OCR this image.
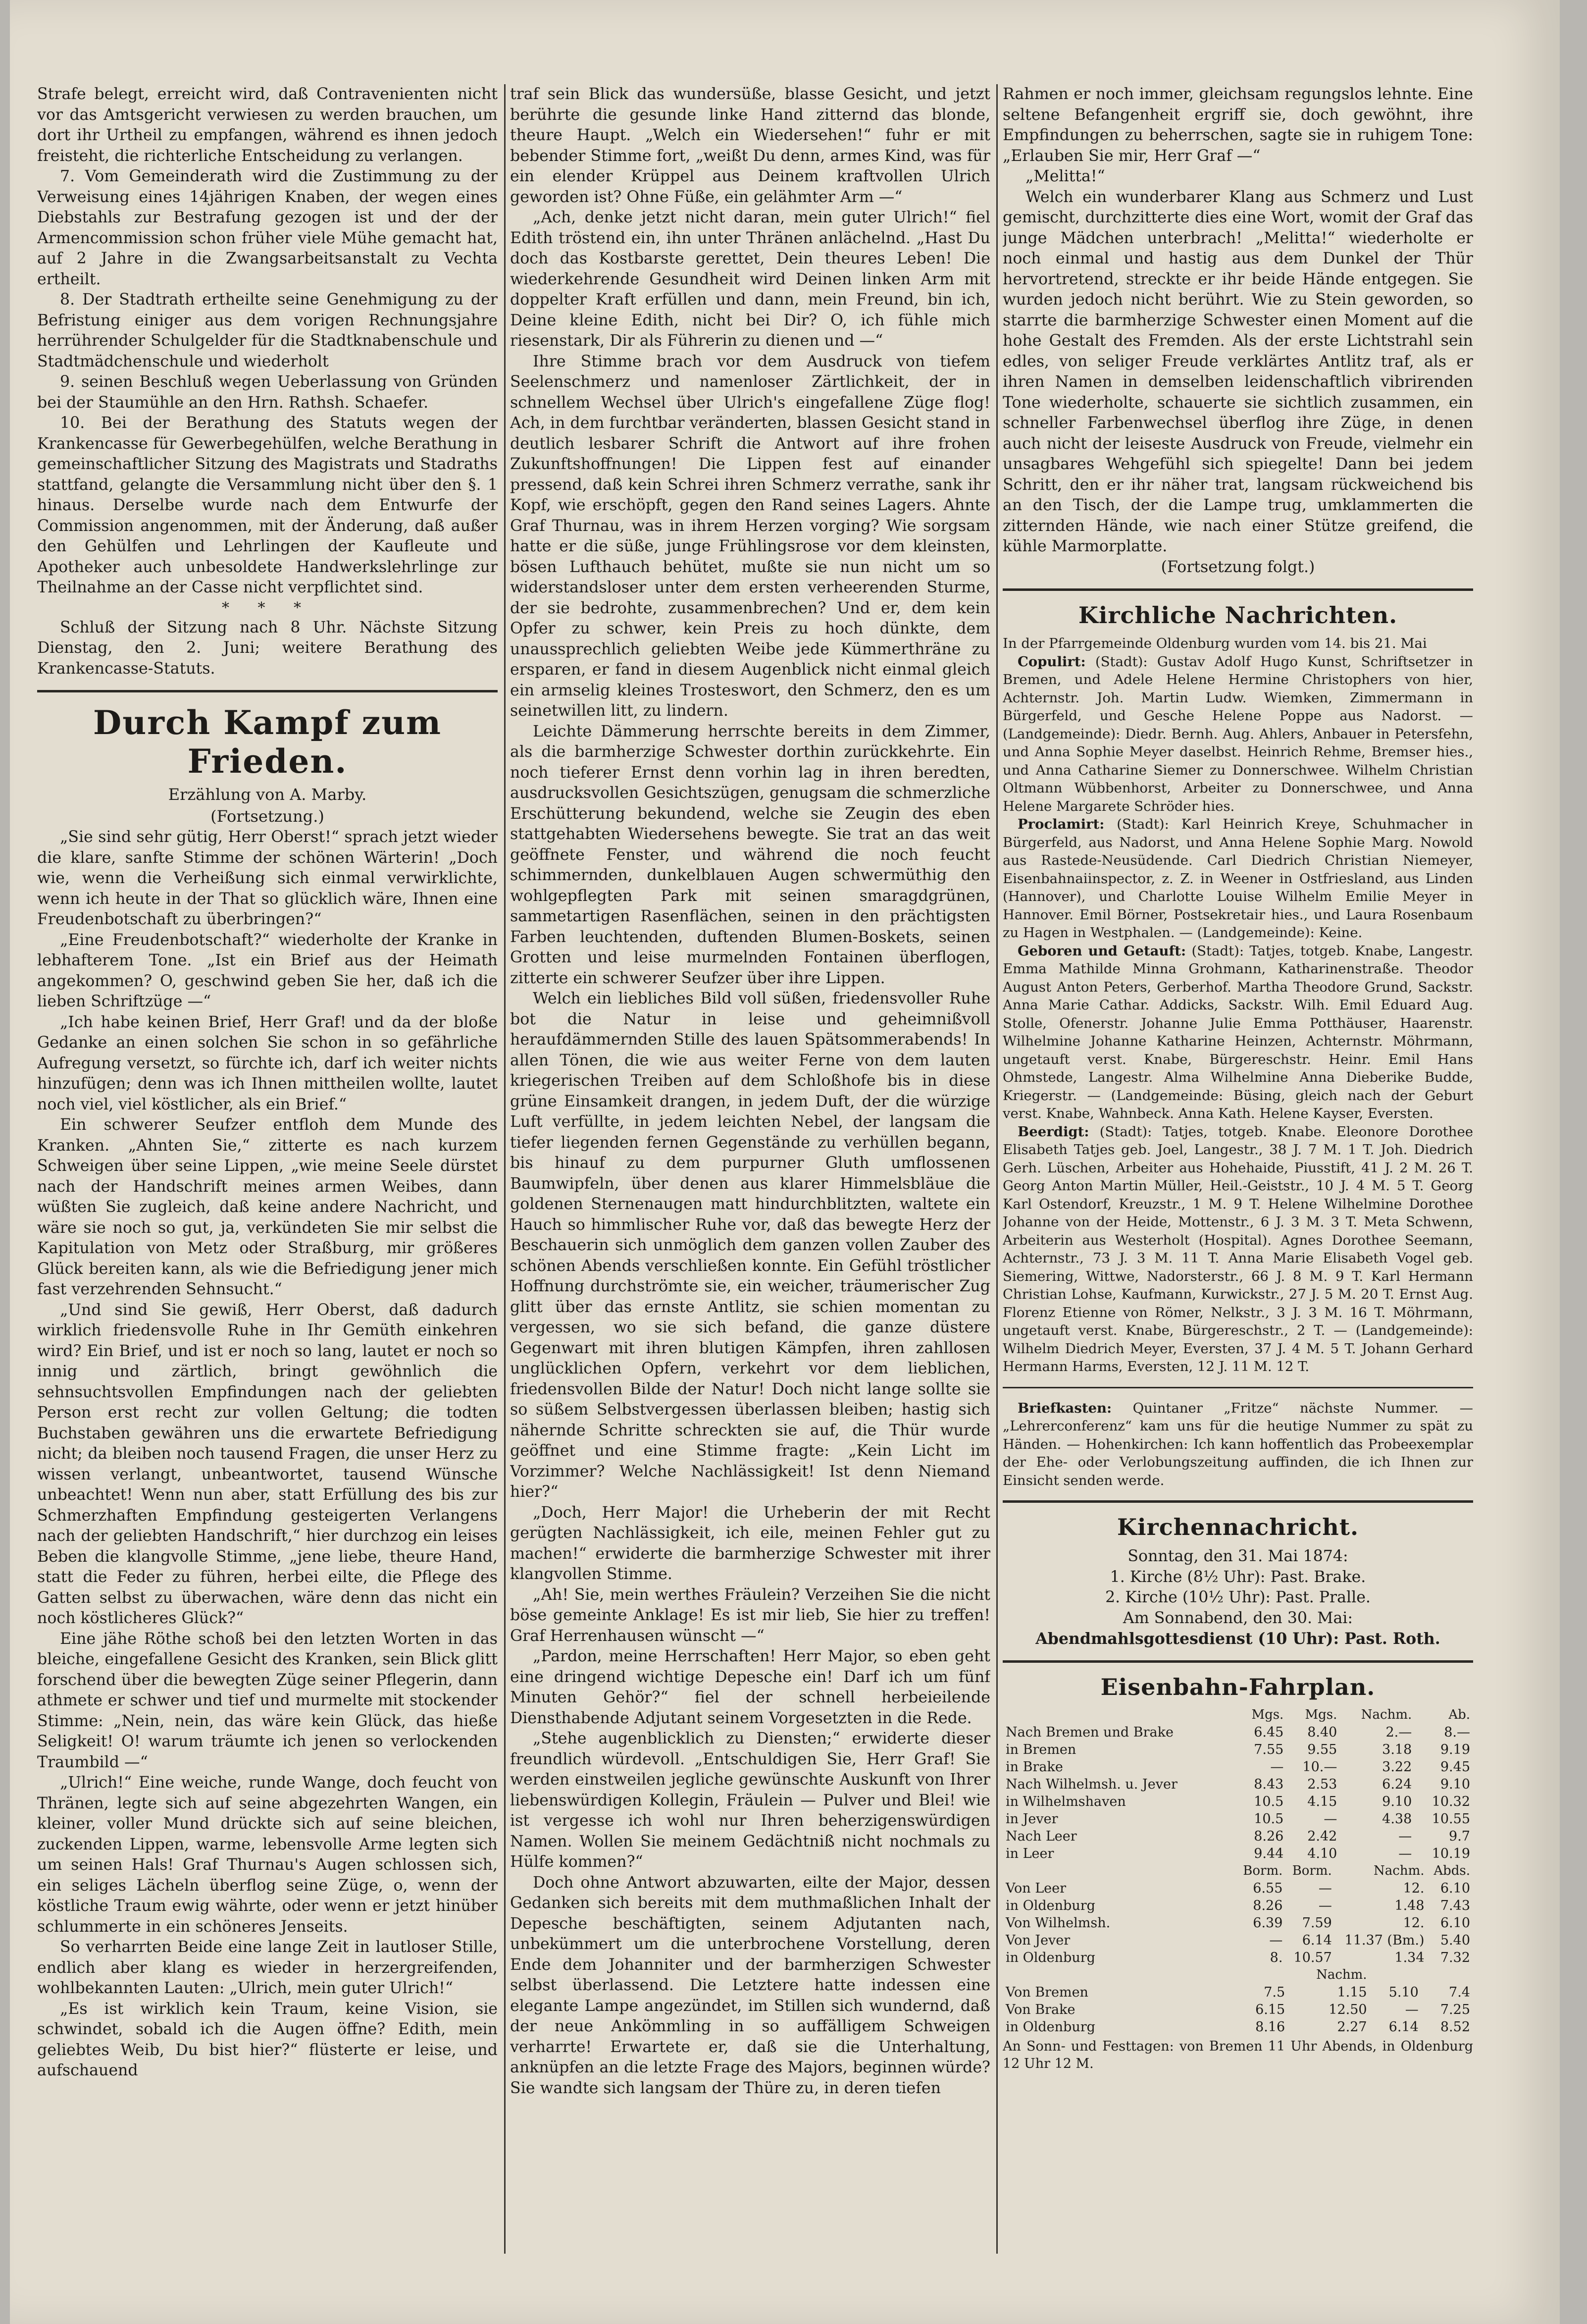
Strafe belegt, erreicht wird, daß Contravenienten nicht vor das Amtsgericht verwiesen zu werden brauchen, um dort ihr Urtheil zu empfangen, während es ihnen jedoch freisteht, die richterliche Entscheidung zu verlangen.

7. Vom Gemeinderath wird die Zustimmung zu der Verweisung eines 14jährigen Knaben, der wegen eines Diebstahls zur Bestrafung gezogen ist und der der Armencommission schon früher viele Mühe gemacht hat, auf 2 Jahre in die Zwangsarbeitsanstalt zu Vechta ertheilt.

8. Der Stadtrath ertheilte seine Genehmigung zu der Befristung einiger aus dem vorigen Rechnungsjahre herrührender Schulgelder für die Stadtknabenschule und Stadtmädchenschule und wiederholt

9. seinen Beschluß wegen Ueberlassung von Gründen bei der Staumühle an den Hrn. Rathsh. Schaefer.

10. Bei der Berathung des Statuts wegen der Krankencasse für Gewerbegehülfen, welche Berathung in gemeinschaftlicher Sitzung des Magistrats und Stadraths stattfand, gelangte die Versammlung nicht über den §. 1 hinaus. Derselbe wurde nach dem Entwurfe der Commission angenommen, mit der Änderung, daß außer den Gehülfen und Lehrlingen der Kaufleute und Apotheker auch unbesoldete Handwerkslehrlinge zur Theilnahme an der Casse nicht verpflichtet sind.

* * *

Schluß der Sitzung nach 8 Uhr. Nächste Sitzung Dienstag, den 2. Juni; weitere Berathung des Krankencasse-Statuts.

Durch Kampf zum Frieden.

Erzählung von A. Marby.

(Fortsetzung.)

„Sie sind sehr gütig, Herr Oberst!“ sprach jetzt wieder die klare, sanfte Stimme der schönen Wärterin! „Doch wie, wenn die Verheißung sich einmal verwirklichte, wenn ich heute in der That so glücklich wäre, Ihnen eine Freudenbotschaft zu überbringen?“

„Eine Freudenbotschaft?“ wiederholte der Kranke in lebhafterem Tone. „Ist ein Brief aus der Heimath angekommen? O, geschwind geben Sie her, daß ich die lieben Schriftzüge —“

„Ich habe keinen Brief, Herr Graf! und da der bloße Gedanke an einen solchen Sie schon in so gefährliche Aufregung versetzt, so fürchte ich, darf ich weiter nichts hinzufügen; denn was ich Ihnen mittheilen wollte, lautet noch viel, viel köstlicher, als ein Brief.“

Ein schwerer Seufzer entfloh dem Munde des Kranken. „Ahnten Sie,“ zitterte es nach kurzem Schweigen über seine Lippen, „wie meine Seele dürstet nach der Handschrift meines armen Weibes, dann wüßten Sie zugleich, daß keine andere Nachricht, und wäre sie noch so gut, ja, verkündeten Sie mir selbst die Kapitulation von Metz oder Straßburg, mir größeres Glück bereiten kann, als wie die Befriedigung jener mich fast verzehrenden Sehnsucht.“

„Und sind Sie gewiß, Herr Oberst, daß dadurch wirklich friedensvolle Ruhe in Ihr Gemüth einkehren wird? Ein Brief, und ist er noch so lang, lautet er noch so innig und zärtlich, bringt gewöhnlich die sehnsuchtsvollen Empfindungen nach der geliebten Person erst recht zur vollen Geltung; die todten Buchstaben gewähren uns die erwartete Befriedigung nicht; da bleiben noch tausend Fragen, die unser Herz zu wissen verlangt, unbeantwortet, tausend Wünsche unbeachtet! Wenn nun aber, statt Erfüllung des bis zur Schmerzhaften Empfindung gesteigerten Verlangens nach der geliebten Handschrift,“ hier durchzog ein leises Beben die klangvolle Stimme, „jene liebe, theure Hand, statt die Feder zu führen, herbei eilte, die Pflege des Gatten selbst zu überwachen, wäre denn das nicht ein noch köstlicheres Glück?“

Eine jähe Röthe schoß bei den letzten Worten in das bleiche, eingefallene Gesicht des Kranken, sein Blick glitt forschend über die bewegten Züge seiner Pflegerin, dann athmete er schwer und tief und murmelte mit stockender Stimme: „Nein, nein, das wäre kein Glück, das hieße Seligkeit! O! warum träumte ich jenen so verlockenden Traumbild —“

„Ulrich!“ Eine weiche, runde Wange, doch feucht von Thränen, legte sich auf seine abgezehrten Wangen, ein kleiner, voller Mund drückte sich auf seine bleichen, zuckenden Lippen, warme, lebensvolle Arme legten sich um seinen Hals! Graf Thurnau's Augen schlossen sich, ein seliges Lächeln überflog seine Züge, o, wenn der köstliche Traum ewig währte, oder wenn er jetzt hinüber schlummerte in ein schöneres Jenseits.

So verharrten Beide eine lange Zeit in lautloser Stille, endlich aber klang es wieder in herzergreifenden, wohlbekannten Lauten: „Ulrich, mein guter Ulrich!“

„Es ist wirklich kein Traum, keine Vision, sie schwindet, sobald ich die Augen öffne? Edith, mein geliebtes Weib, Du bist hier?“ flüsterte er leise, und aufschauend

traf sein Blick das wundersüße, blasse Gesicht, und jetzt berührte die gesunde linke Hand zitternd das blonde, theure Haupt. „Welch ein Wiedersehen!“ fuhr er mit bebender Stimme fort, „weißt Du denn, armes Kind, was für ein elender Krüppel aus Deinem kraftvollen Ulrich geworden ist? Ohne Füße, ein gelähmter Arm —“

„Ach, denke jetzt nicht daran, mein guter Ulrich!“ fiel Edith tröstend ein, ihn unter Thränen anlächelnd. „Hast Du doch das Kostbarste gerettet, Dein theures Leben! Die wiederkehrende Gesundheit wird Deinen linken Arm mit doppelter Kraft erfüllen und dann, mein Freund, bin ich, Deine kleine Edith, nicht bei Dir? O, ich fühle mich riesenstark, Dir als Führerin zu dienen und —“

Ihre Stimme brach vor dem Ausdruck von tiefem Seelenschmerz und namenloser Zärtlichkeit, der in schnellem Wechsel über Ulrich's eingefallene Züge flog! Ach, in dem furchtbar veränderten, blassen Gesicht stand in deutlich lesbarer Schrift die Antwort auf ihre frohen Zukunftshoffnungen! Die Lippen fest auf einander pressend, daß kein Schrei ihren Schmerz verrathe, sank ihr Kopf, wie erschöpft, gegen den Rand seines Lagers. Ahnte Graf Thurnau, was in ihrem Herzen vorging? Wie sorgsam hatte er die süße, junge Frühlingsrose vor dem kleinsten, bösen Lufthauch behütet, mußte sie nun nicht um so widerstandsloser unter dem ersten verheerenden Sturme, der sie bedrohte, zusammenbrechen? Und er, dem kein Opfer zu schwer, kein Preis zu hoch dünkte, dem unaussprechlich geliebten Weibe jede Kümmerthräne zu ersparen, er fand in diesem Augenblick nicht einmal gleich ein armselig kleines Trosteswort, den Schmerz, den es um seinetwillen litt, zu lindern.

Leichte Dämmerung herrschte bereits in dem Zimmer, als die barmherzige Schwester dorthin zurückkehrte. Ein noch tieferer Ernst denn vorhin lag in ihren beredten, ausdrucksvollen Gesichtszügen, genugsam die schmerzliche Erschütterung bekundend, welche sie Zeugin des eben stattgehabten Wiedersehens bewegte. Sie trat an das weit geöffnete Fenster, und während die noch feucht schimmernden, dunkelblauen Augen schwermüthig den wohlgepflegten Park mit seinen smaragdgrünen, sammetartigen Rasenflächen, seinen in den prächtigsten Farben leuchtenden, duftenden Blumen-Boskets, seinen Grotten und leise murmelnden Fontainen überflogen, zitterte ein schwerer Seufzer über ihre Lippen.

Welch ein liebliches Bild voll süßen, friedensvoller Ruhe bot die Natur in leise und geheimnißvoll heraufdämmernden Stille des lauen Spätsommerabends! In allen Tönen, die wie aus weiter Ferne von dem lauten kriegerischen Treiben auf dem Schloßhofe bis in diese grüne Einsamkeit drangen, in jedem Duft, der die würzige Luft verfüllte, in jedem leichten Nebel, der langsam die tiefer liegenden fernen Gegenstände zu verhüllen begann, bis hinauf zu dem purpurner Gluth umflossenen Baumwipfeln, über denen aus klarer Himmelsbläue die goldenen Sternenaugen matt hindurchblitzten, waltete ein Hauch so himmlischer Ruhe vor, daß das bewegte Herz der Beschauerin sich unmöglich dem ganzen vollen Zauber des schönen Abends verschließen konnte. Ein Gefühl tröstlicher Hoffnung durchströmte sie, ein weicher, träumerischer Zug glitt über das ernste Antlitz, sie schien momentan zu vergessen, wo sie sich befand, die ganze düstere Gegenwart mit ihren blutigen Kämpfen, ihren zahllosen unglücklichen Opfern, verkehrt vor dem lieblichen, friedensvollen Bilde der Natur! Doch nicht lange sollte sie so süßem Selbstvergessen überlassen bleiben; hastig sich nähernde Schritte schreckten sie auf, die Thür wurde geöffnet und eine Stimme fragte: „Kein Licht im Vorzimmer? Welche Nachlässigkeit! Ist denn Niemand hier?“

„Doch, Herr Major! die Urheberin der mit Recht gerügten Nachlässigkeit, ich eile, meinen Fehler gut zu machen!“ erwiderte die barmherzige Schwester mit ihrer klangvollen Stimme.

„Ah! Sie, mein werthes Fräulein? Verzeihen Sie die nicht böse gemeinte Anklage! Es ist mir lieb, Sie hier zu treffen! Graf Herrenhausen wünscht —“

„Pardon, meine Herrschaften! Herr Major, so eben geht eine dringend wichtige Depesche ein! Darf ich um fünf Minuten Gehör?“ fiel der schnell herbeieilende Diensthabende Adjutant seinem Vorgesetzten in die Rede.

„Stehe augenblicklich zu Diensten;“ erwiderte dieser freundlich würdevoll. „Entschuldigen Sie, Herr Graf! Sie werden einstweilen jegliche gewünschte Auskunft von Ihrer liebenswürdigen Kollegin, Fräulein — Pulver und Blei! wie ist vergesse ich wohl nur Ihren beherzigenswürdigen Namen. Wollen Sie meinem Gedächtniß nicht nochmals zu Hülfe kommen?“

Doch ohne Antwort abzuwarten, eilte der Major, dessen Gedanken sich bereits mit dem muthmaßlichen Inhalt der Depesche beschäftigten, seinem Adjutanten nach, unbekümmert um die unterbrochene Vorstellung, deren Ende dem Johanniter und der barmherzigen Schwester selbst überlassend. Die Letztere hatte indessen eine elegante Lampe angezündet, im Stillen sich wundernd, daß der neue Ankömmling in so auffälligem Schweigen verharrte! Erwartete er, daß sie die Unterhaltung, anknüpfen an die letzte Frage des Majors, beginnen würde? Sie wandte sich langsam der Thüre zu, in deren tiefen

Rahmen er noch immer, gleichsam regungslos lehnte. Eine seltene Befangenheit ergriff sie, doch gewöhnt, ihre Empfindungen zu beherrschen, sagte sie in ruhigem Tone: „Erlauben Sie mir, Herr Graf —“

„Melitta!“

Welch ein wunderbarer Klang aus Schmerz und Lust gemischt, durchzitterte dies eine Wort, womit der Graf das junge Mädchen unterbrach! „Melitta!“ wiederholte er noch einmal und hastig aus dem Dunkel der Thür hervortretend, streckte er ihr beide Hände entgegen. Sie wurden jedoch nicht berührt. Wie zu Stein geworden, so starrte die barmherzige Schwester einen Moment auf die hohe Gestalt des Fremden. Als der erste Lichtstrahl sein edles, von seliger Freude verklärtes Antlitz traf, als er ihren Namen in demselben leidenschaftlich vibrirenden Tone wiederholte, schauerte sie sichtlich zusammen, ein schneller Farbenwechsel überflog ihre Züge, in denen auch nicht der leiseste Ausdruck von Freude, vielmehr ein unsagbares Wehgefühl sich spiegelte! Dann bei jedem Schritt, den er ihr näher trat, langsam rückweichend bis an den Tisch, der die Lampe trug, umklammerten die zitternden Hände, wie nach einer Stütze greifend, die kühle Marmorplatte.

(Fortsetzung folgt.)

Kirchliche Nachrichten.

In der Pfarrgemeinde Oldenburg wurden vom 14. bis 21. Mai

Copulirt: (Stadt): Gustav Adolf Hugo Kunst, Schriftsetzer in Bremen, und Adele Helene Hermine Christophers von hier, Achternstr. Joh. Martin Ludw. Wiemken, Zimmermann in Bürgerfeld, und Gesche Helene Poppe aus Nadorst. — (Landgemeinde): Diedr. Bernh. Aug. Ahlers, Anbauer in Petersfehn, und Anna Sophie Meyer daselbst. Heinrich Rehme, Bremser hies., und Anna Catharine Siemer zu Donnerschwee. Wilhelm Christian Oltmann Wübbenhorst, Arbeiter zu Donnerschwee, und Anna Helene Margarete Schröder hies.

Proclamirt: (Stadt): Karl Heinrich Kreye, Schuhmacher in Bürgerfeld, aus Nadorst, und Anna Helene Sophie Marg. Nowold aus Rastede-Neusüdende. Carl Diedrich Christian Niemeyer, Eisenbahnaiinspector, z. Z. in Weener in Ostfriesland, aus Linden (Hannover), und Charlotte Louise Wilhelm Emilie Meyer in Hannover. Emil Börner, Postsekretair hies., und Laura Rosenbaum zu Hagen in Westphalen. — (Landgemeinde): Keine.

Geboren und Getauft: (Stadt): Tatjes, totgeb. Knabe, Langestr. Emma Mathilde Minna Grohmann, Katharinenstraße. Theodor August Anton Peters, Gerberhof. Martha Theodore Grund, Sackstr. Anna Marie Cathar. Addicks, Sackstr. Wilh. Emil Eduard Aug. Stolle, Ofenerstr. Johanne Julie Emma Potthäuser, Haarenstr. Wilhelmine Johanne Katharine Heinzen, Achternstr. Möhrmann, ungetauft verst. Knabe, Bürgereschstr. Heinr. Emil Hans Ohmstede, Langestr. Alma Wilhelmine Anna Dieberike Budde, Kriegerstr. — (Landgemeinde: Büsing, gleich nach der Geburt verst. Knabe, Wahnbeck. Anna Kath. Helene Kayser, Eversten.

Beerdigt: (Stadt): Tatjes, totgeb. Knabe. Eleonore Dorothee Elisabeth Tatjes geb. Joel, Langestr., 38 J. 7 M. 1 T. Joh. Diedrich Gerh. Lüschen, Arbeiter aus Hohehaide, Piusstift, 41 J. 2 M. 26 T. Georg Anton Martin Müller, Heil.-Geiststr., 10 J. 4 M. 5 T. Georg Karl Ostendorf, Kreuzstr., 1 M. 9 T. Helene Wilhelmine Dorothee Johanne von der Heide, Mottenstr., 6 J. 3 M. 3 T. Meta Schwenn, Arbeiterin aus Westerholt (Hospital). Agnes Dorothee Seemann, Achternstr., 73 J. 3 M. 11 T. Anna Marie Elisabeth Vogel geb. Siemering, Wittwe, Nadorsterstr., 66 J. 8 M. 9 T. Karl Hermann Christian Lohse, Kaufmann, Kurwickstr., 27 J. 5 M. 20 T. Ernst Aug. Florenz Etienne von Römer, Nelkstr., 3 J. 3 M. 16 T. Möhrmann, ungetauft verst. Knabe, Bürgereschstr., 2 T. — (Landgemeinde): Wilhelm Diedrich Meyer, Eversten, 37 J. 4 M. 5 T. Johann Gerhard Hermann Harms, Eversten, 12 J. 11 M. 12 T.

Briefkasten: Quintaner „Fritze“ nächste Nummer. — „Lehrerconferenz“ kam uns für die heutige Nummer zu spät zu Händen. — Hohenkirchen: Ich kann hoffentlich das Probeexemplar der Ehe- oder Verlobungszeitung auffinden, die ich Ihnen zur Einsicht senden werde.

Kirchennachricht.

Sonntag, den 31. Mai 1874:

1. Kirche (8½ Uhr): Past. Brake.

2. Kirche (10½ Uhr): Past. Pralle.

Am Sonnabend, den 30. Mai:

Abendmahlsgottesdienst (10 Uhr): Past. Roth.

Eisenbahn-Fahrplan.
	Mgs.	Mgs.	Nachm.	Ab.
Nach Bremen und Brake	6.45	8.40	2.—	8.—
in Bremen	7.55	9.55	3.18	9.19
in Brake	—	10.—	3.22	9.45
Nach Wilhelmsh. u. Jever	8.43	2.53	6.24	9.10
in Wilhelmshaven	10.5	4.15	9.10	10.32
in Jever	10.5	—	4.38	10.55
Nach Leer	8.26	2.42	—	9.7
in Leer	9.44	4.10	—	10.19
	Borm.	Borm.	Nachm.	Abds.
Von Leer	6.55	—	12.	6.10
in Oldenburg	8.26	—	1.48	7.43
Von Wilhelmsh.	6.39	7.59	12.	6.10
Von Jever	—	6.14	11.37 (Bm.)	5.40
in Oldenburg	8.	10.57	1.34	7.32
		Nachm.		
Von Bremen	7.5	1.15	5.10	7.4
Von Brake	6.15	12.50	—	7.25
in Oldenburg	8.16	2.27	6.14	8.52

An Sonn- und Festtagen: von Bremen 11 Uhr Abends, in Oldenburg 12 Uhr 12 M.
